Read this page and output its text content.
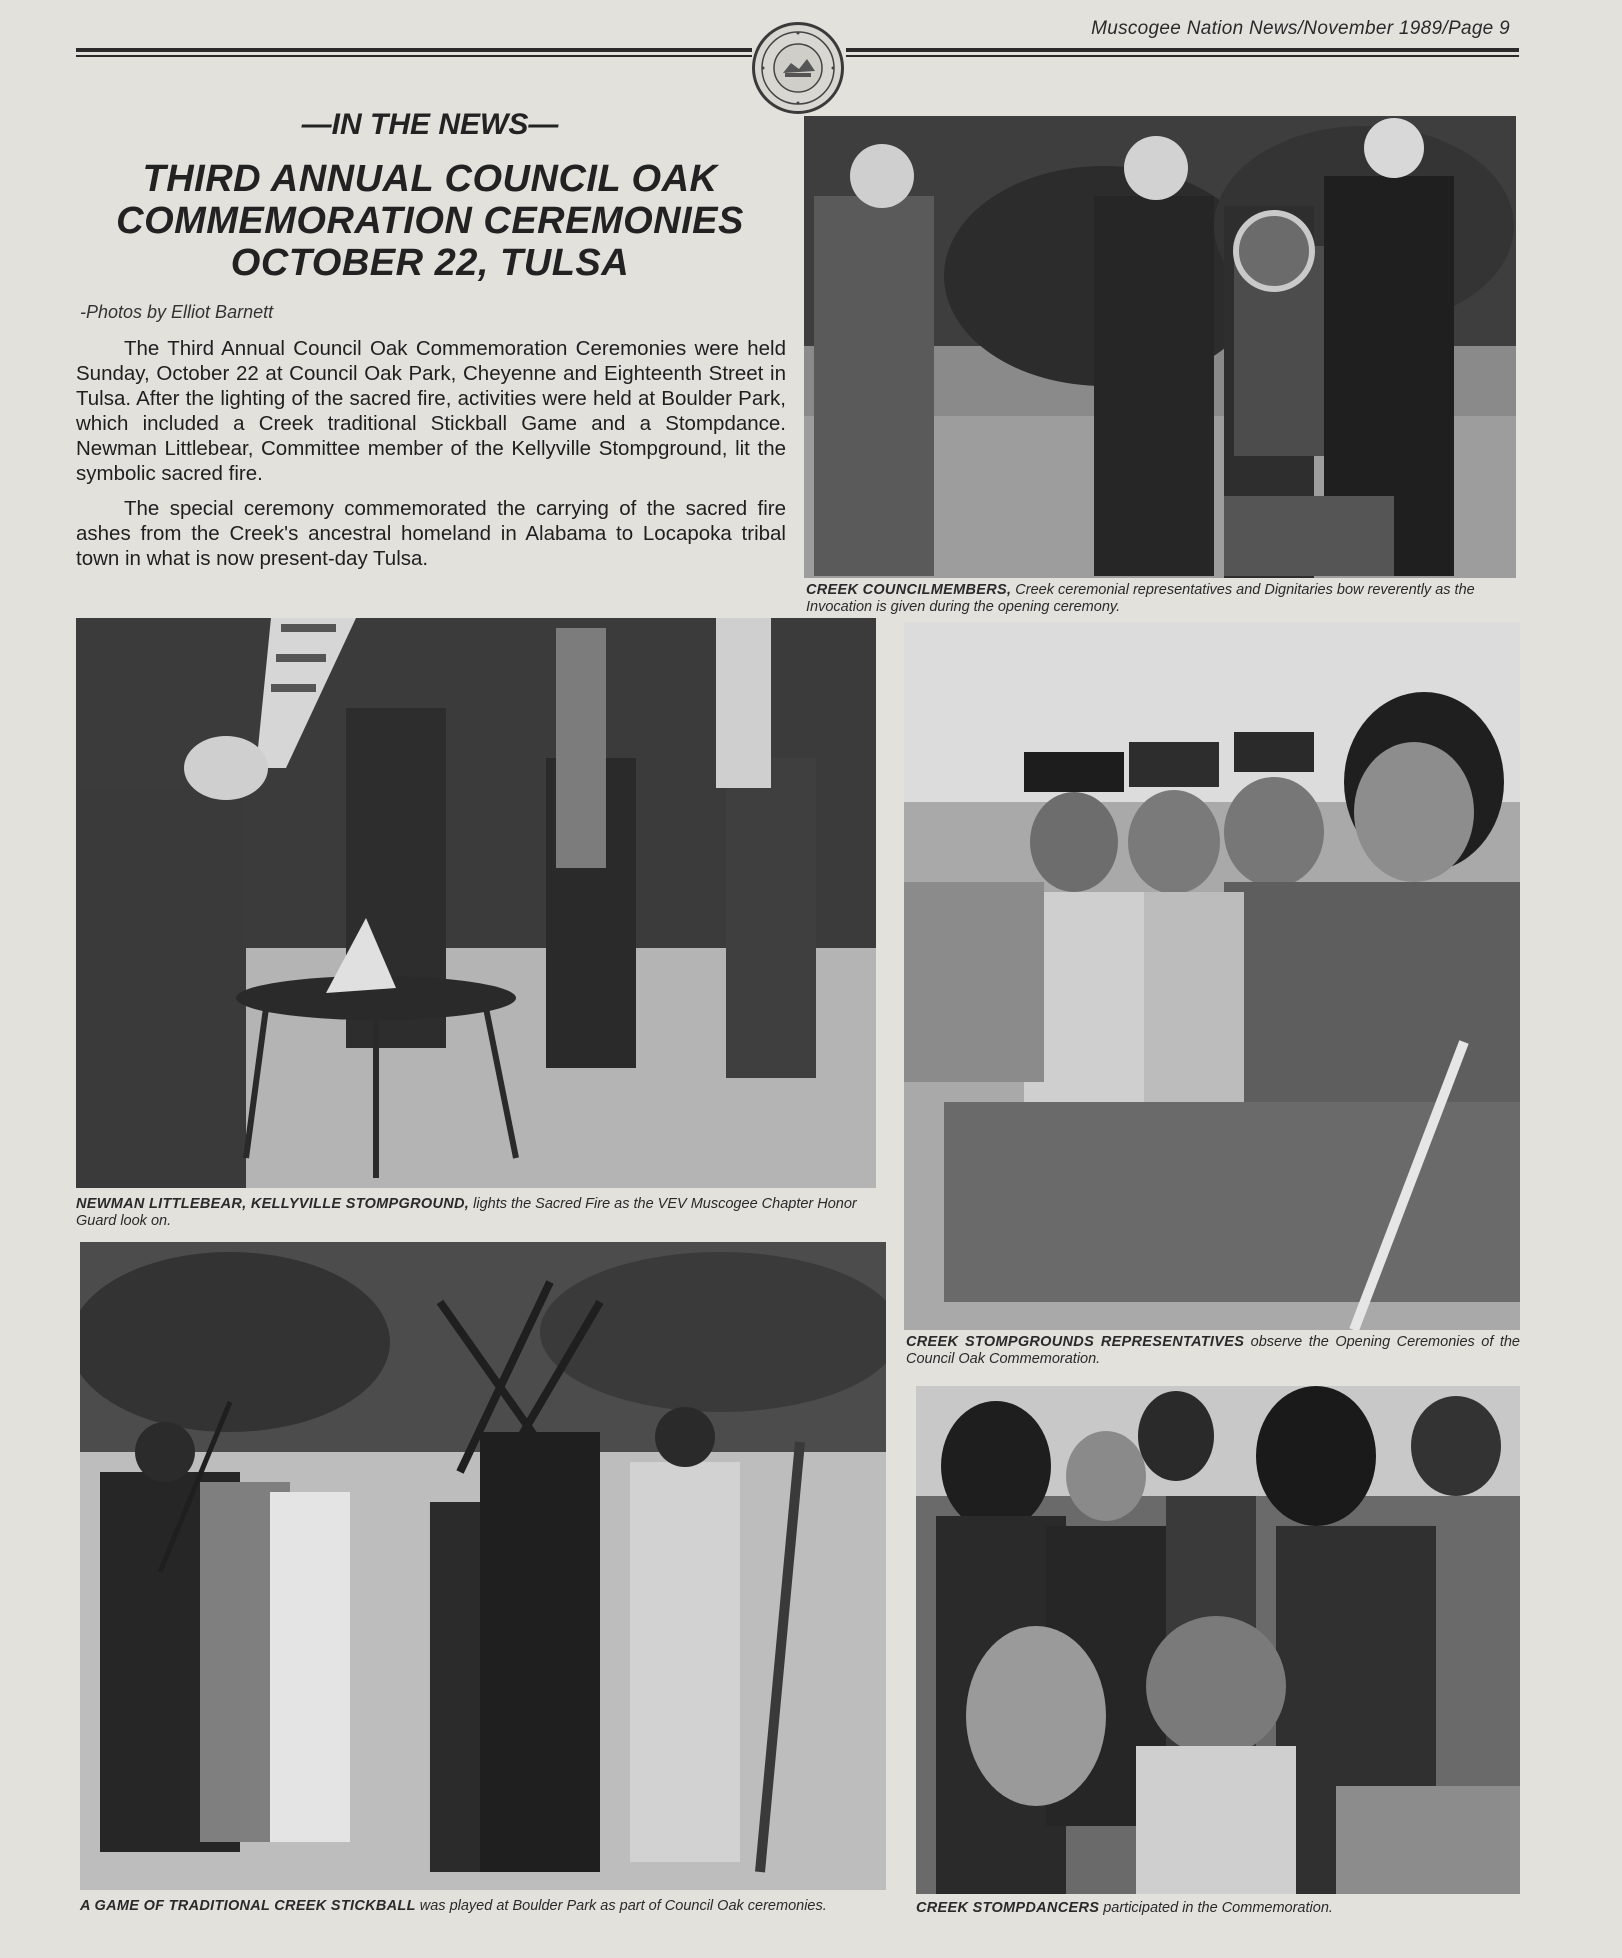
Muscogee Nation News/November 1989/Page 9
—IN THE NEWS—
THIRD ANNUAL COUNCIL OAK
COMMEMORATION CEREMONIES
OCTOBER 22, TULSA
-Photos by Elliot Barnett

The Third Annual Council Oak Commemoration Ceremonies were held Sunday, October 22 at Council Oak Park, Cheyenne and Eighteenth Street in Tulsa. After the lighting of the sacred fire, activities were held at Boulder Park, which included a Creek traditional Stickball Game and a Stompdance. Newman Littlebear, Committee member of the Kellyville Stompground, lit the symbolic sacred fire.

The special ceremony commemorated the carrying of the sacred fire ashes from the Creek's ancestral homeland in Alabama to Locapoka tribal town in what is now present-day Tulsa.

CREEK COUNCILMEMBERS, Creek ceremonial representatives and Dignitaries bow reverently as the Invocation is given during the opening ceremony.
NEWMAN LITTLEBEAR, KELLYVILLE STOMPGROUND, lights the Sacred Fire as the VEV Muscogee Chapter Honor Guard look on.
CREEK STOMPGROUNDS REPRESENTATIVES observe the Opening Ceremonies of the Council Oak Commemoration.
A GAME OF TRADITIONAL CREEK STICKBALL was played at Boulder Park as part of Council Oak ceremonies.	CREEK STOMPDANCERS participated in the Commemoration.
